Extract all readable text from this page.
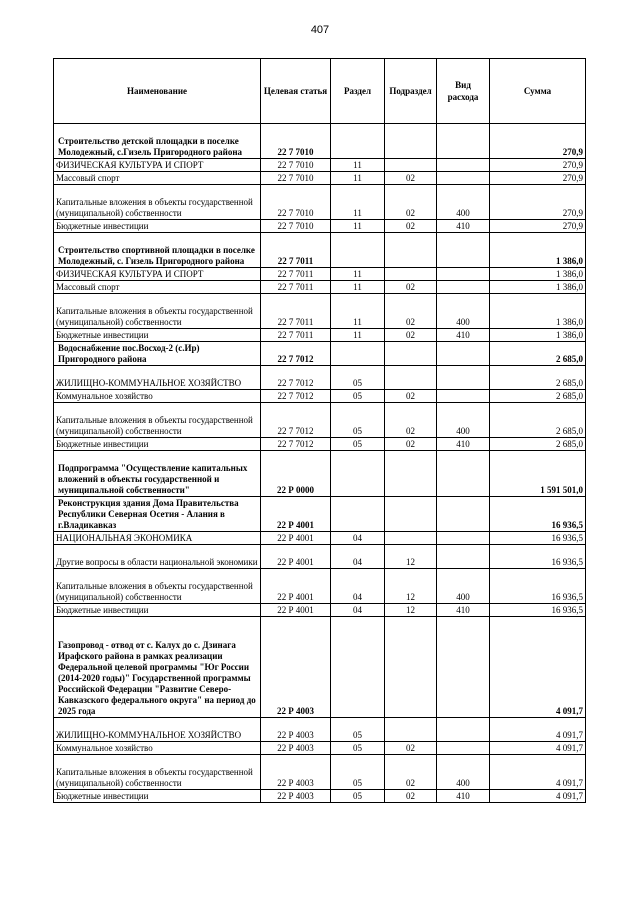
407
Наименование	Целевая статья	Раздел	Подраздел	Вид расхода	Сумма
Строительство детской площадки в поселке Молодежный, с.Гизель Пригородного района	22 7 7010				270,9
ФИЗИЧЕСКАЯ КУЛЬТУРА И СПОРТ	22 7 7010	11			270,9
Массовый спорт	22 7 7010	11	02		270,9
Капитальные вложения в объекты государственной (муниципальной) собственности	22 7 7010	11	02	400	270,9
Бюджетные инвестиции	22 7 7010	11	02	410	270,9
Строительство спортивной площадки в поселке Молодежный, с. Гизель Пригородного района	22 7 7011				1 386,0
ФИЗИЧЕСКАЯ КУЛЬТУРА И СПОРТ	22 7 7011	11			1 386,0
Массовый спорт	22 7 7011	11	02		1 386,0
Капитальные вложения в объекты государственной (муниципальной) собственности	22 7 7011	11	02	400	1 386,0
Бюджетные инвестиции	22 7 7011	11	02	410	1 386,0
Водоснабжение пос.Восход-2 (с.Ир) Пригородного района	22 7 7012				2 685,0
ЖИЛИЩНО-КОММУНАЛЬНОЕ ХОЗЯЙСТВО	22 7 7012	05			2 685,0
Коммунальное хозяйство	22 7 7012	05	02		2 685,0
Капитальные вложения в объекты государственной (муниципальной) собственности	22 7 7012	05	02	400	2 685,0
Бюджетные инвестиции	22 7 7012	05	02	410	2 685,0
Подпрограмма "Осуществление капитальных вложений в объекты государственной и муниципальной собственности"	22 Р 0000				1 591 501,0
Реконструкция здания Дома Правительства Республики Северная Осетия - Алания в г.Владикавказ	22 Р 4001				16 936,5
НАЦИОНАЛЬНАЯ ЭКОНОМИКА	22 Р 4001	04			16 936,5
Другие вопросы в области национальной экономики	22 Р 4001	04	12		16 936,5
Капитальные вложения в объекты государственной (муниципальной) собственности	22 Р 4001	04	12	400	16 936,5
Бюджетные инвестиции	22 Р 4001	04	12	410	16 936,5
Газопровод - отвод от с. Калух до с. Дзинага Ирафского района в рамках реализации Федеральной целевой программы "Юг России (2014-2020 годы)" Государственной программы Российской Федерации "Развитие Северо-Кавказского федерального округа" на период до 2025 года	22 Р 4003				4 091,7
ЖИЛИЩНО-КОММУНАЛЬНОЕ ХОЗЯЙСТВО	22 Р 4003	05			4 091,7
Коммунальное хозяйство	22 Р 4003	05	02		4 091,7
Капитальные вложения в объекты государственной (муниципальной) собственности	22 Р 4003	05	02	400	4 091,7
Бюджетные инвестиции	22 Р 4003	05	02	410	4 091,7
